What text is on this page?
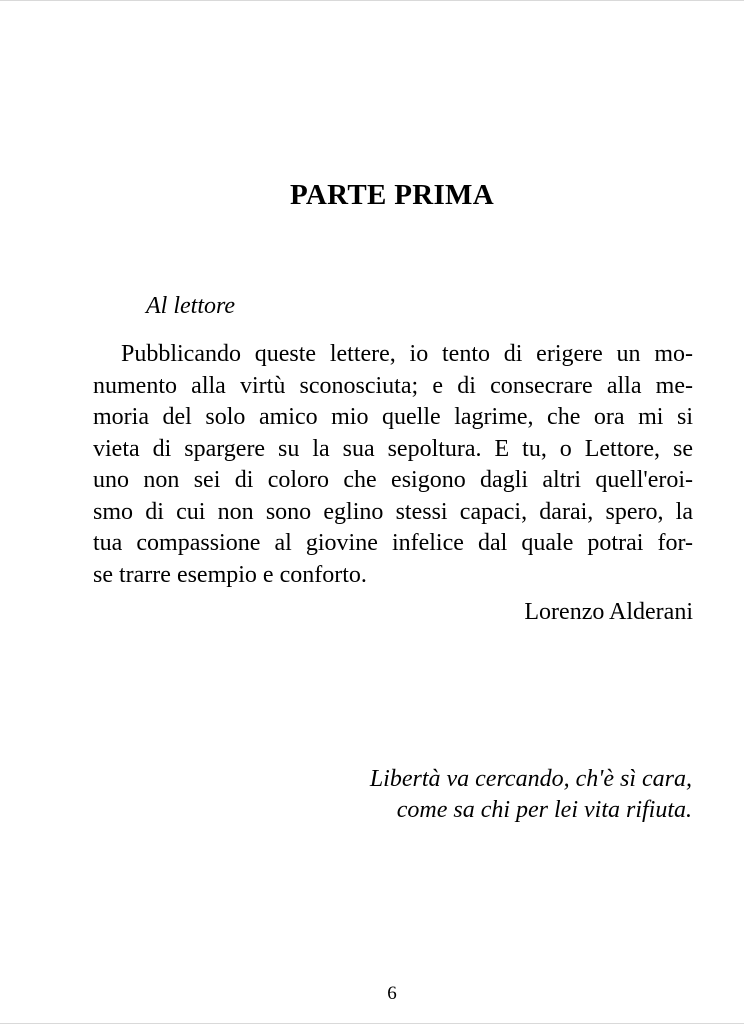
PARTE PRIMA

Al lettore

Pubblicando queste lettere, io tento di erigere un mo-
numento alla virtù sconosciuta; e di consecrare alla me-
moria del solo amico mio quelle lagrime, che ora mi si
vieta di spargere su la sua sepoltura. E tu, o Lettore, se
uno non sei di coloro che esigono dagli altri quell'eroi-
smo di cui non sono eglino stessi capaci, darai, spero, la
tua compassione al giovine infelice dal quale potrai for-
se trarre esempio e conforto.

Lorenzo Alderani

Libertà va cercando, ch'è sì cara,
come sa chi per lei vita rifiuta.

6
